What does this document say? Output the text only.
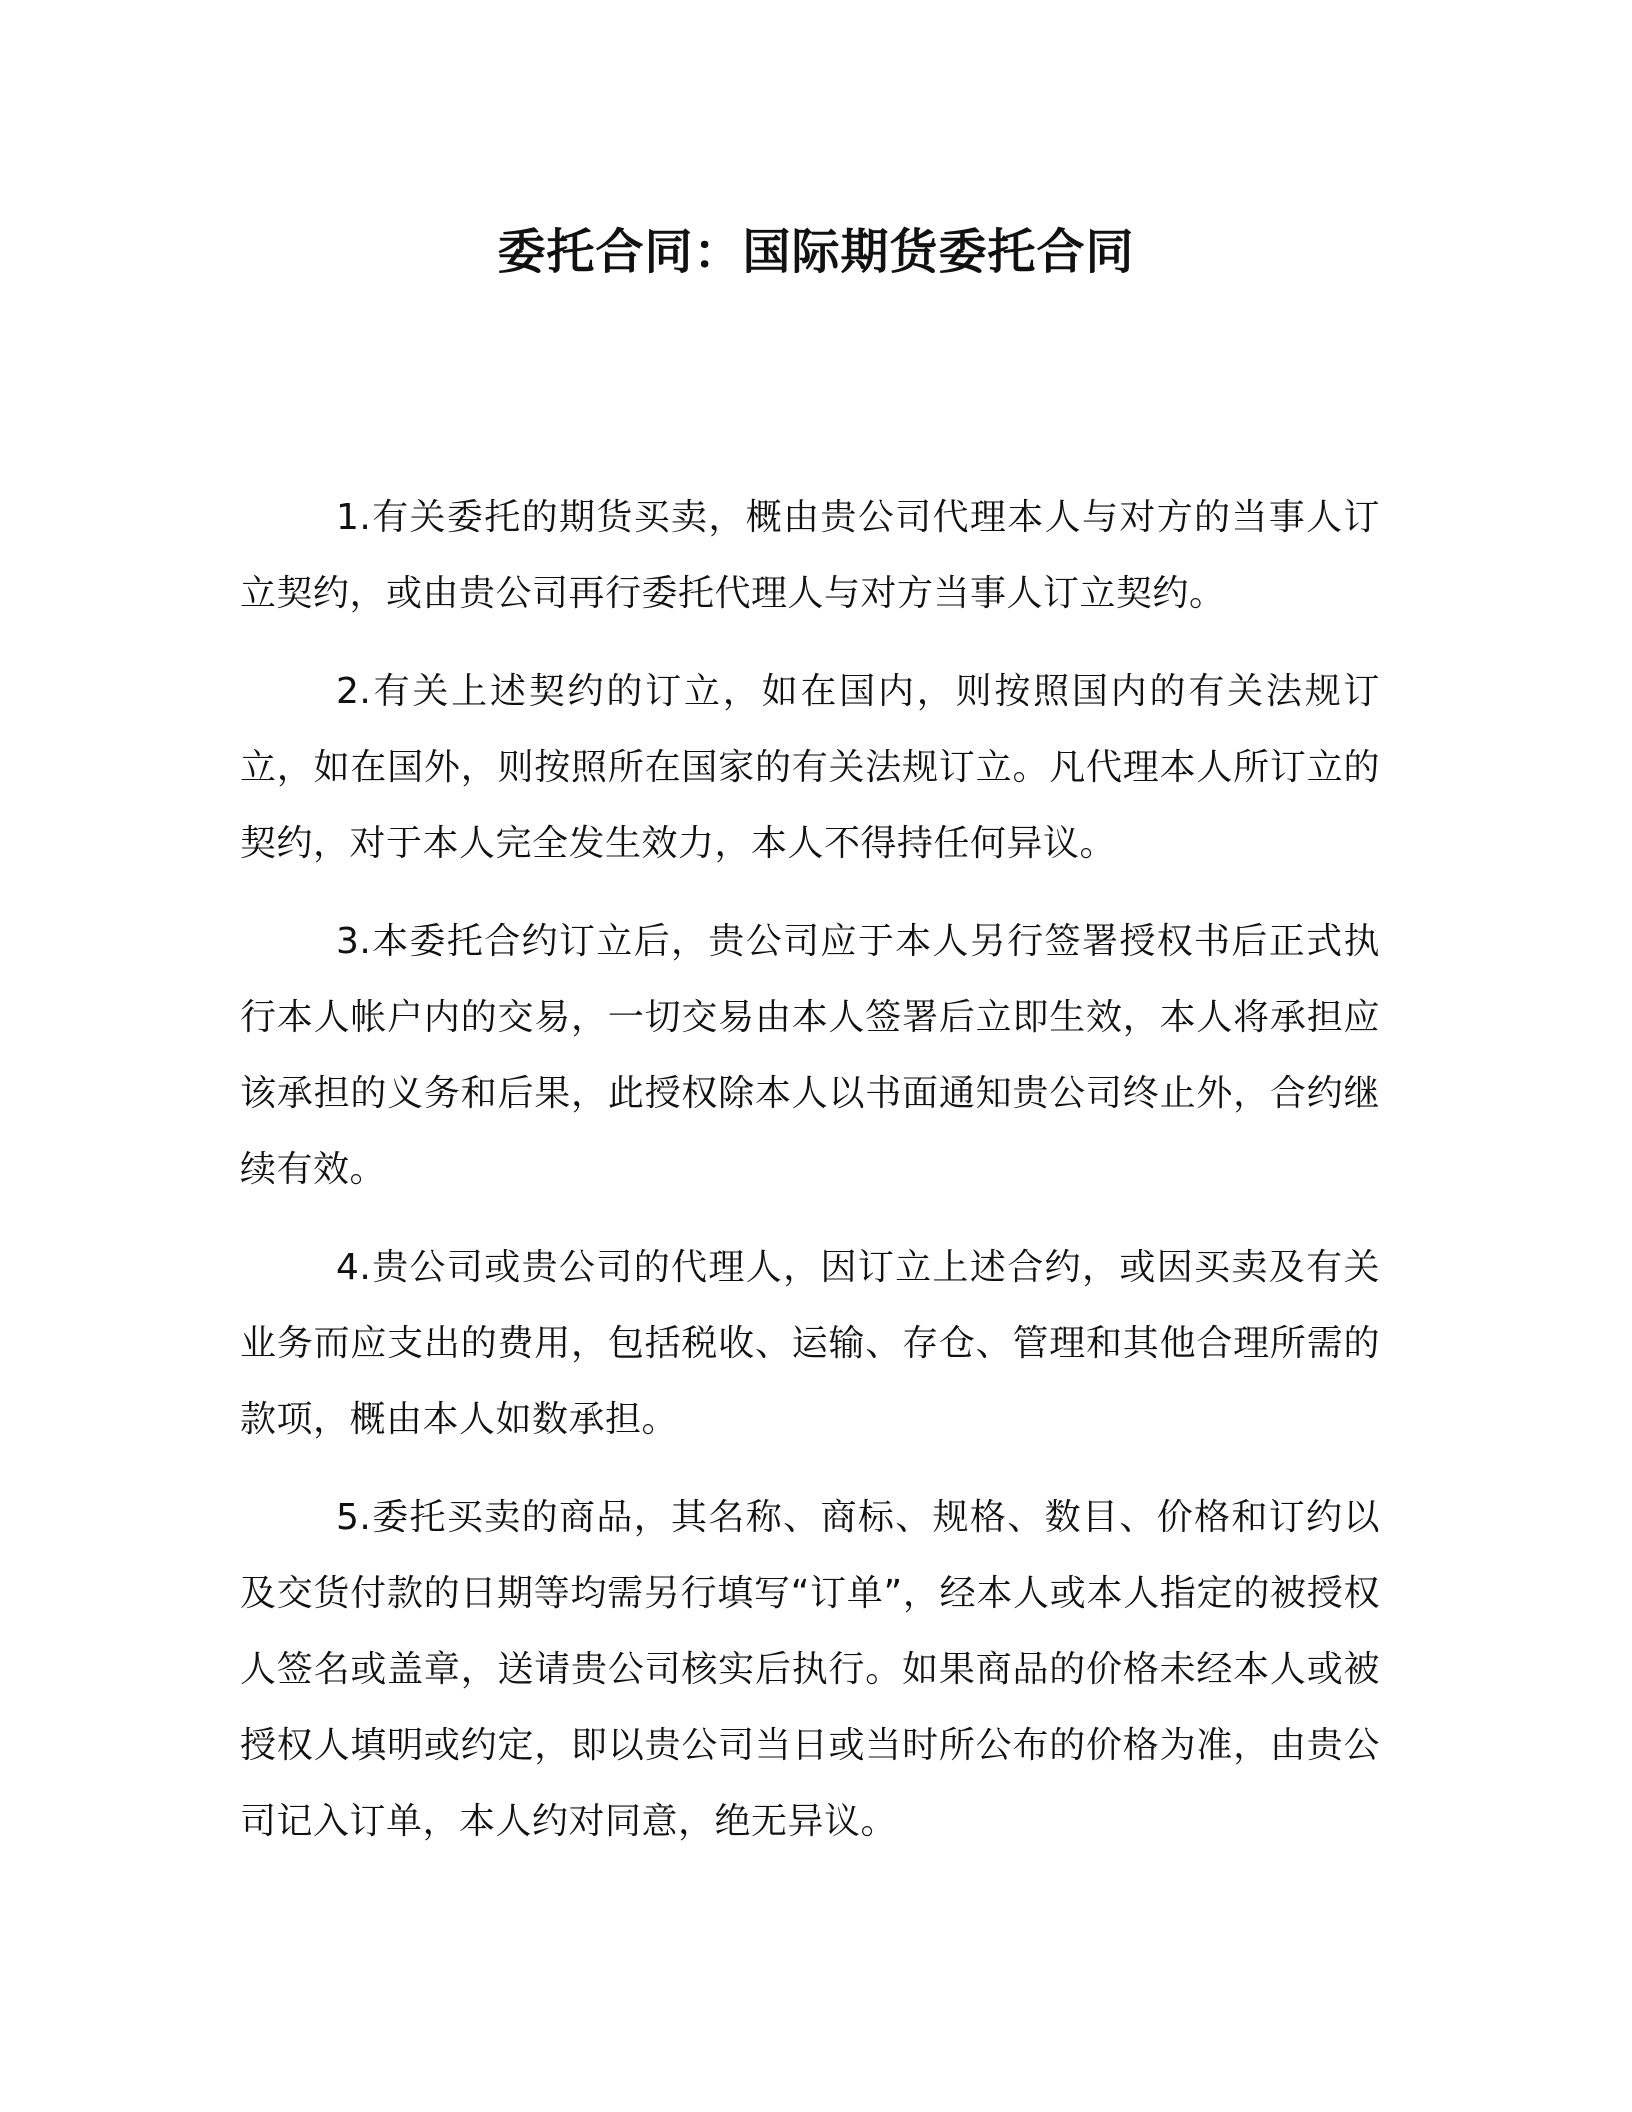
委托合同：国际期货委托合同

1.有关委托的期货买卖，概由贵公司代理本人与对方的当事人订立契约，或由贵公司再行委托代理人与对方当事人订立契约。

2.有关上述契约的订立，如在国内，则按照国内的有关法规订立，如在国外，则按照所在国家的有关法规订立。凡代理本人所订立的契约，对于本人完全发生效力，本人不得持任何异议。

3.本委托合约订立后，贵公司应于本人另行签署授权书后正式执行本人帐户内的交易，一切交易由本人签署后立即生效，本人将承担应该承担的义务和后果，此授权除本人以书面通知贵公司终止外，合约继续有效。

4.贵公司或贵公司的代理人，因订立上述合约，或因买卖及有关业务而应支出的费用，包括税收、运输、存仓、管理和其他合理所需的款项，概由本人如数承担。

5.委托买卖的商品，其名称、商标、规格、数目、价格和订约以及交货付款的日期等均需另行填写“订单”，经本人或本人指定的被授权人签名或盖章，送请贵公司核实后执行。如果商品的价格未经本人或被授权人填明或约定，即以贵公司当日或当时所公布的价格为准，由贵公司记入订单，本人约对同意，绝无异议。
